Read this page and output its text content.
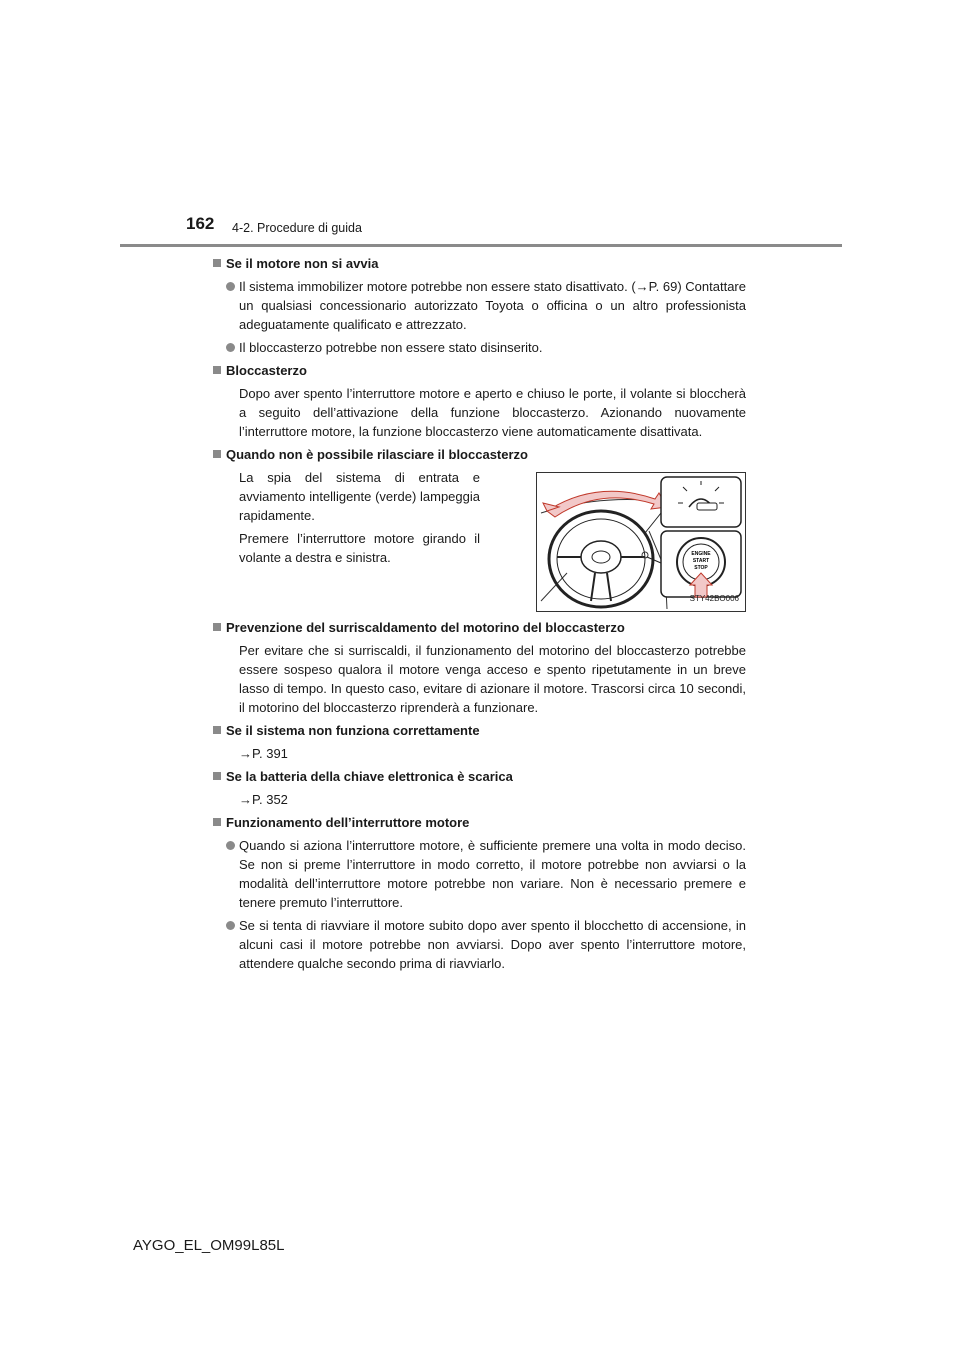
162 4-2. Procedure di guida
Se il motore non si avvia
Il sistema immobilizer motore potrebbe non essere stato disattivato. (→P. 69) Contattare un qualsiasi concessionario autorizzato Toyota o officina o un altro professionista adeguatamente qualificato e attrezzato.
Il bloccasterzo potrebbe non essere stato disinserito.
Bloccasterzo
Dopo aver spento l’interruttore motore e aperto e chiuso le porte, il volante si bloccherà a seguito dell’attivazione della funzione bloccasterzo. Azionando nuovamente l’interruttore motore, la funzione bloccasterzo viene automaticamente disattivata.
Quando non è possibile rilasciare il bloccasterzo
La spia del sistema di entrata e avviamento intelligente (verde) lampeggia rapidamente.
Premere l’interruttore motore girando il volante a destra e sinistra.	ENGINE
START
STOP
STY42BO006
Prevenzione del surriscaldamento del motorino del bloccasterzo
Per evitare che si surriscaldi, il funzionamento del motorino del bloccasterzo potrebbe essere sospeso qualora il motore venga acceso e spento ripetutamente in un breve lasso di tempo. In questo caso, evitare di azionare il motore. Trascorsi circa 10 secondi, il motorino del bloccasterzo riprenderà a funzionare.
Se il sistema non funziona correttamente
→P. 391
Se la batteria della chiave elettronica è scarica
→P. 352
Funzionamento dell’interruttore motore
Quando si aziona l’interruttore motore, è sufficiente premere una volta in modo deciso. Se non si preme l’interruttore in modo corretto, il motore potrebbe non avviarsi o la modalità dell’interruttore motore potrebbe non variare. Non è necessario premere e tenere premuto l’interruttore.
Se si tenta di riavviare il motore subito dopo aver spento il blocchetto di accensione, in alcuni casi il motore potrebbe non avviarsi. Dopo aver spento l’interruttore motore, attendere qualche secondo prima di riavviarlo.
AYGO_EL_OM99L85L
